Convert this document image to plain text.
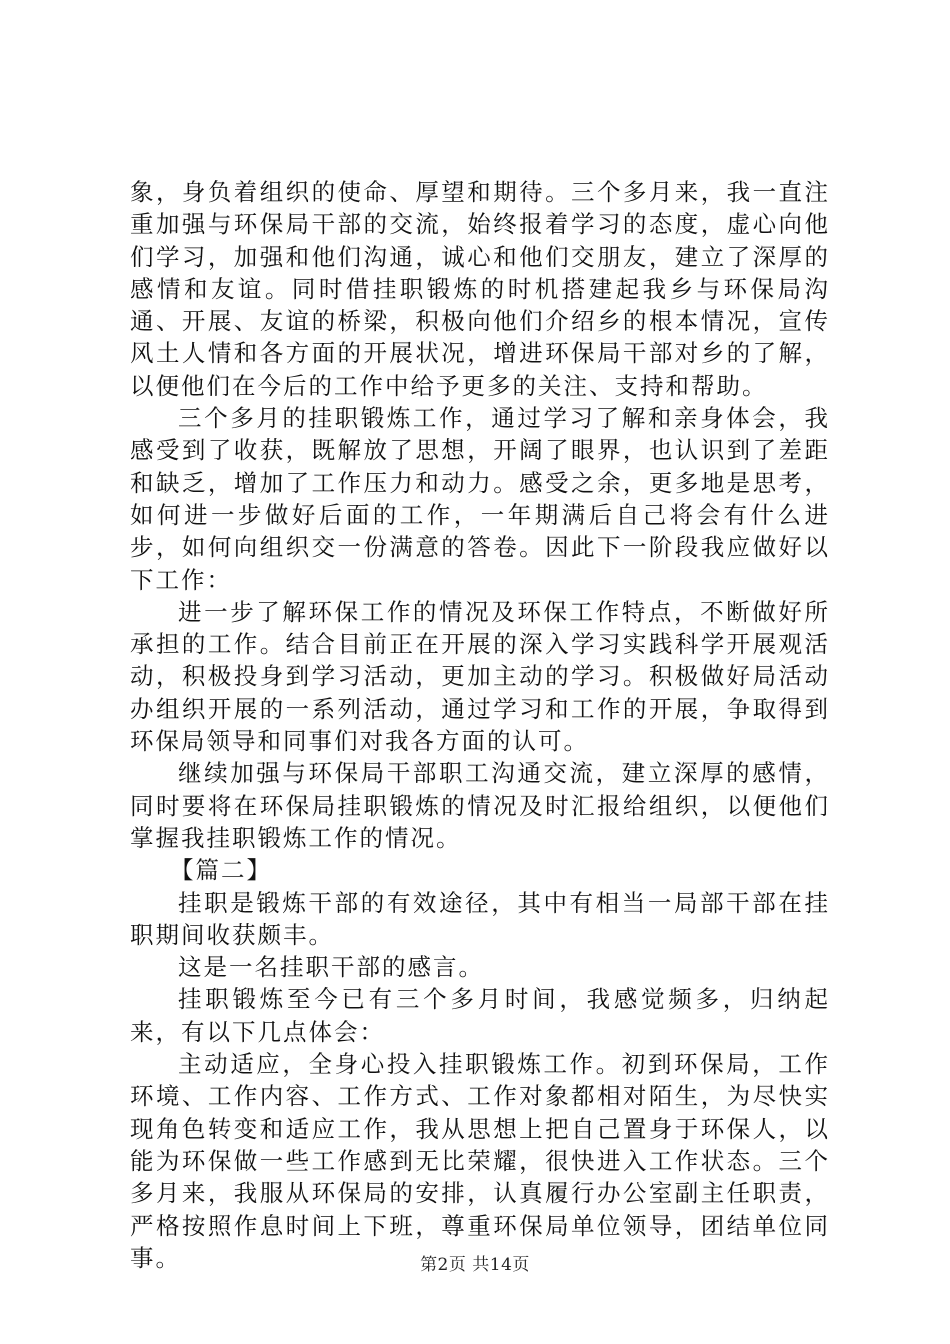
象，身负着组织的使命、厚望和期待。三个多月来，我一直注重加强与环保局干部的交流，始终报着学习的态度，虚心向他们学习，加强和他们沟通，诚心和他们交朋友，建立了深厚的感情和友谊。同时借挂职锻炼的时机搭建起我乡与环保局沟通、开展、友谊的桥梁，积极向他们介绍乡的根本情况，宣传风土人情和各方面的开展状况，增进环保局干部对乡的了解，以便他们在今后的工作中给予更多的关注、支持和帮助。

三个多月的挂职锻炼工作，通过学习了解和亲身体会，我感受到了收获，既解放了思想，开阔了眼界，也认识到了差距和缺乏，增加了工作压力和动力。感受之余，更多地是思考，如何进一步做好后面的工作，一年期满后自己将会有什么进步，如何向组织交一份满意的答卷。因此下一阶段我应做好以下工作：

进一步了解环保工作的情况及环保工作特点，不断做好所承担的工作。结合目前正在开展的深入学习实践科学开展观活动，积极投身到学习活动，更加主动的学习。积极做好局活动办组织开展的一系列活动，通过学习和工作的开展，争取得到环保局领导和同事们对我各方面的认可。

继续加强与环保局干部职工沟通交流，建立深厚的感情，同时要将在环保局挂职锻炼的情况及时汇报给组织，以便他们掌握我挂职锻炼工作的情况。

【篇二】

挂职是锻炼干部的有效途径，其中有相当一局部干部在挂职期间收获颇丰。

这是一名挂职干部的感言。

挂职锻炼至今已有三个多月时间，我感觉频多，归纳起来，有以下几点体会：

主动适应，全身心投入挂职锻炼工作。初到环保局，工作环境、工作内容、工作方式、工作对象都相对陌生，为尽快实现角色转变和适应工作，我从思想上把自己置身于环保人，以能为环保做一些工作感到无比荣耀，很快进入工作状态。三个多月来，我服从环保局的安排，认真履行办公室副主任职责，严格按照作息时间上下班，尊重环保局单位领导，团结单位同事。	第2页 共14页
